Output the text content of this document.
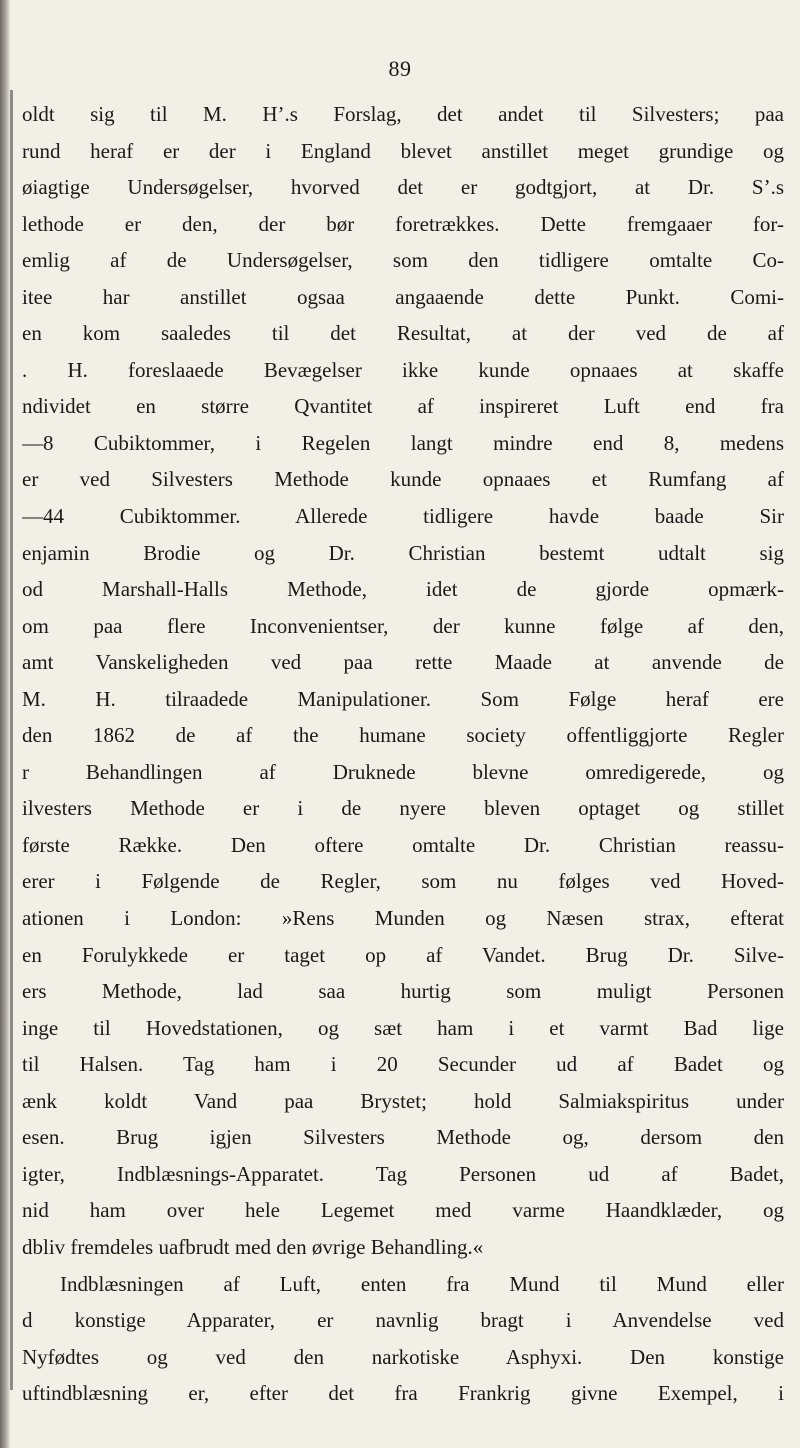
89
oldt sig til M. H’.s Forslag, det andet til Silvesters; paa
rund heraf er der i England blevet anstillet meget grundige og
øiagtige Undersøgelser, hvorved det er godtgjort, at Dr. S’.s
lethode er den, der bør foretrækkes. Dette fremgaaer for-
emlig af de Undersøgelser, som den tidligere omtalte Co-
itee har anstillet ogsaa angaaende dette Punkt. Comi-
en kom saaledes til det Resultat, at der ved de af
. H. foreslaaede Bevægelser ikke kunde opnaaes at skaffe
ndividet en større Qvantitet af inspireret Luft end fra
—8 Cubiktommer, i Regelen langt mindre end 8, medens
er ved Silvesters Methode kunde opnaaes et Rumfang af
—44 Cubiktommer. Allerede tidligere havde baade Sir
enjamin Brodie og Dr. Christian bestemt udtalt sig
od Marshall-Halls Methode, idet de gjorde opmærk-
om paa flere Inconvenientser, der kunne følge af den,
amt Vanskeligheden ved paa rette Maade at anvende de
M. H. tilraadede Manipulationer. Som Følge heraf ere
den 1862 de af the humane society offentliggjorte Regler
r Behandlingen af Druknede blevne omredigerede, og
ilvesters Methode er i de nyere bleven optaget og stillet
første Række. Den oftere omtalte Dr. Christian reassu-
erer i Følgende de Regler, som nu følges ved Hoved-
ationen i London: »Rens Munden og Næsen strax, efterat
en Forulykkede er taget op af Vandet. Brug Dr. Silve-
ers Methode, lad saa hurtig som muligt Personen
inge til Hovedstationen, og sæt ham i et varmt Bad lige
til Halsen. Tag ham i 20 Secunder ud af Badet og
ænk koldt Vand paa Brystet; hold Salmiakspiritus under
esen. Brug igjen Silvesters Methode og, dersom den
igter, Indblæsnings-Apparatet. Tag Personen ud af Badet,
nid ham over hele Legemet med varme Haandklæder, og
dbliv fremdeles uafbrudt med den øvrige Behandling.«
Indblæsningen af Luft, enten fra Mund til Mund eller
d konstige Apparater, er navnlig bragt i Anvendelse ved
Nyfødtes og ved den narkotiske Asphyxi. Den konstige
uftindblæsning er, efter det fra Frankrig givne Exempel, i
